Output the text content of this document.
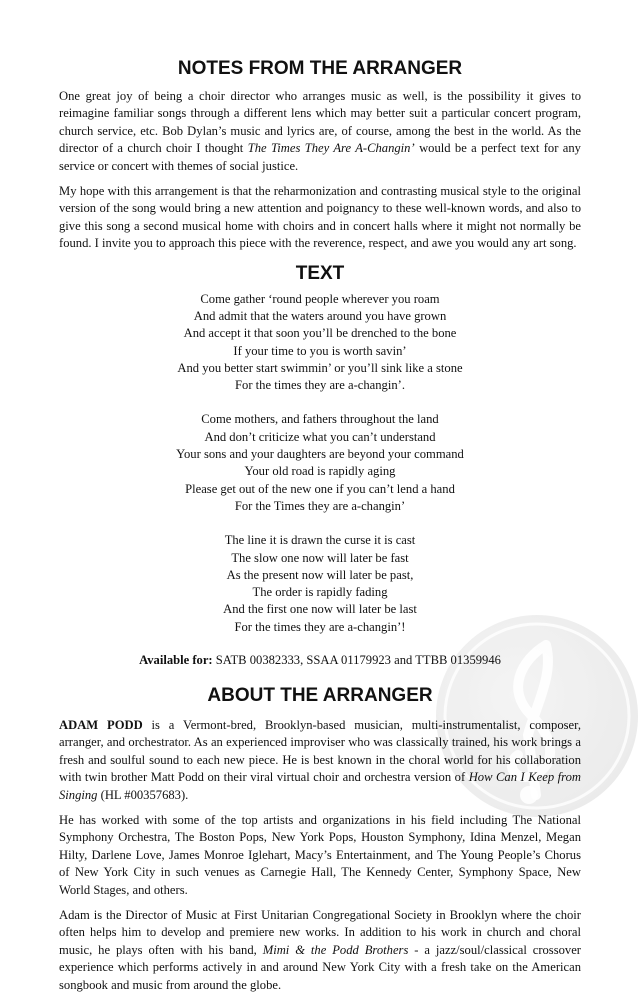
NOTES FROM THE ARRANGER

One great joy of being a choir director who arranges music as well, is the possibility it gives to reimagine familiar songs through a different lens which may better suit a particular concert program, church service, etc. Bob Dylan’s music and lyrics are, of course, among the best in the world. As the director of a church choir I thought The Times They Are A-Changin’ would be a perfect text for any service or concert with themes of social justice.

My hope with this arrangement is that the reharmonization and contrasting musical style to the original version of the song would bring a new attention and poignancy to these well-known words, and also to give this song a second musical home with choirs and in concert halls where it might not normally be found. I invite you to approach this piece with the reverence, respect, and awe you would any art song.

TEXT
Come gather ‘round people wherever you roam
And admit that the waters around you have grown
And accept it that soon you’ll be drenched to the bone
If your time to you is worth savin’
And you better start swimmin’ or you’ll sink like a stone
For the times they are a-changin’.
Come mothers, and fathers throughout the land
And don’t criticize what you can’t understand
Your sons and your daughters are beyond your command
Your old road is rapidly aging
Please get out of the new one if you can’t lend a hand
For the Times they are a-changin’
The line it is drawn the curse it is cast
The slow one now will later be fast
As the present now will later be past,
The order is rapidly fading
And the first one now will later be last
For the times they are a-changin’!
Available for: SATB 00382333, SSAA 01179923 and TTBB 01359946
ABOUT THE ARRANGER

ADAM PODD is a Vermont-bred, Brooklyn-based musician, multi-instrumentalist, composer, arranger, and orchestrator. As an experienced improviser who was classically trained, his work brings a fresh and soulful sound to each new piece. He is best known in the choral world for his collaboration with twin brother Matt Podd on their viral virtual choir and orchestra version of How Can I Keep from Singing (HL #00357683).

He has worked with some of the top artists and organizations in his field including The National Symphony Orchestra, The Boston Pops, New York Pops, Houston Symphony, Idina Menzel, Megan Hilty, Darlene Love, James Monroe Iglehart, Macy’s Entertainment, and The Young People’s Chorus of New York City in such venues as Carnegie Hall, The Kennedy Center, Symphony Space, New World Stages, and others.

Adam is the Director of Music at First Unitarian Congregational Society in Brooklyn where the choir often helps him to develop and premiere new works. In addition to his work in church and choral music, he plays often with his band, Mimi & the Podd Brothers - a jazz/soul/classical crossover experience which performs actively in and around New York City with a fresh take on the American songbook and music from around the globe.
